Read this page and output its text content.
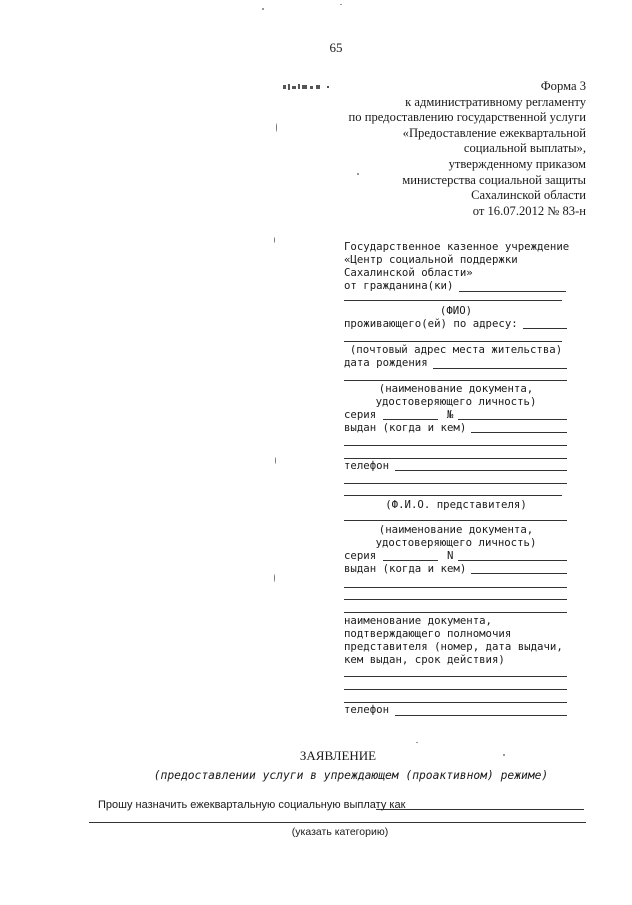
65
Форма 3
к административному регламенту
по предоставлению государственной услуги
«Предоставление ежеквартальной
социальной выплаты»,
утвержденному приказом
министерства социальной защиты
Сахалинской области
от 16.07.2012 № 83-н
Государственное казенное учреждение
«Центр социальной поддержки
Сахалинской области»
от гражданина(ки)
(ФИО)
проживающего(ей) по адресу:
(почтовый адрес места жительства)
дата рождения
(наименование документа,
удостоверяющего личность)
серия	№
выдан (когда и кем)
телефон
(Ф.И.О. представителя)
(наименование документа,
удостоверяющего личность)
серия	N
выдан (когда и кем)
наименование документа,
подтверждающего полномочия
представителя (номер, дата выдачи,
кем выдан, срок действия)
телефон
ЗАЯВЛЕНИЕ
(предоставлении услуги в упреждающем (проактивном) режиме)
Прошу назначить ежеквартальную социальную выплату как
(указать категорию)
